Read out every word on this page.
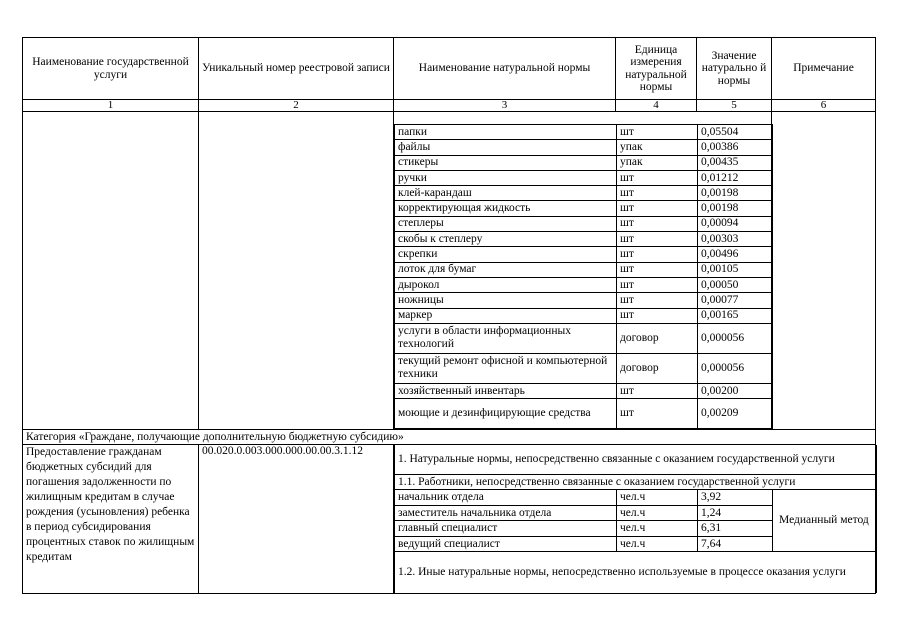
Наименование государственной услуги	Уникальный номер реестровой записи	Наименование натуральной нормы	Единица измерения натуральной нормы	Значение натурально й нормы	Примечание
1	2	3	4	5	6

папки	шт	0,05504
файлы	упак	0,00386
стикеры	упак	0,00435
ручки	шт	0,01212
клей-карандаш	шт	0,00198
корректирующая жидкость	шт	0,00198
степлеры	шт	0,00094
скобы к степлеру	шт	0,00303
скрепки	шт	0,00496
лоток для бумаг	шт	0,00105
дырокол	шт	0,00050
ножницы	шт	0,00077
маркер	шт	0,00165
услуги в области информационных технологий	договор	0,000056
текущий ремонт офисной и компьютерной техники	договор	0,000056
хозяйственный инвентарь	шт	0,00200
моющие и дезинфицирующие средства	шт	0,00209

Категория «Граждане, получающие дополнительную бюджетную субсидию»
Предоставление гражданам бюджетных субсидий для погашения задолженности по жилищным кредитам в случае рождения (усыновления) ребенка в период субсидирования процентных ставок по жилищным кредитам	00.020.0.003.000.000.00.00.3.1.12	
1. Натуральные нормы, непосредственно связанные с оказанием государственной услуги
1.1. Работники, непосредственно связанные с оказанием государственной услуги
начальник отдела	чел.ч	3,92	Медианный метод
заместитель начальника отдела	чел.ч	1,24
главный специалист	чел.ч	6,31
ведущий специалист	чел.ч	7,64
1.2. Иные натуральные нормы, непосредственно используемые в процессе оказания услуги
